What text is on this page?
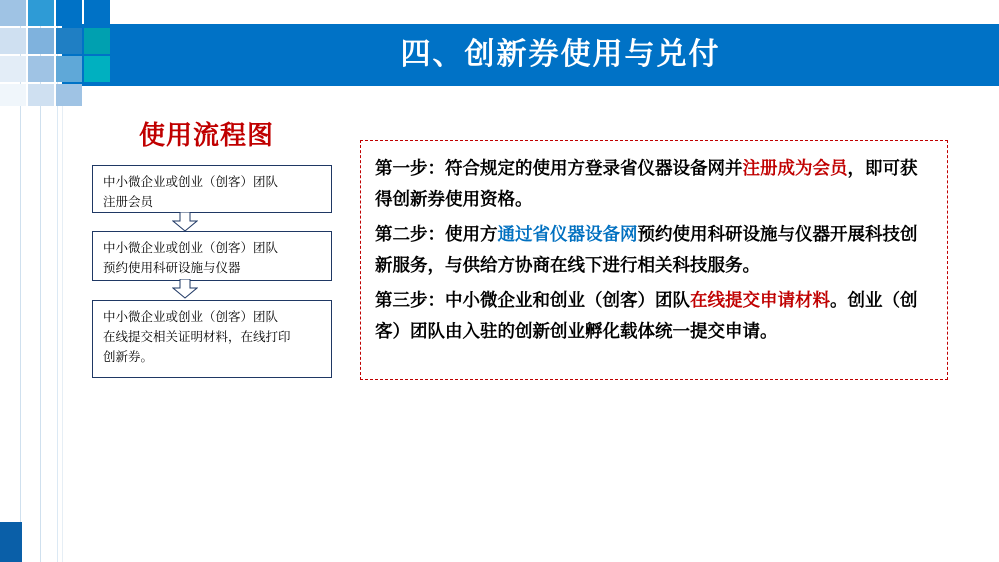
四、创新券使用与兑付
使用流程图
中小微企业或创业（创客）团队
注册会员
中小微企业或创业（创客）团队
预约使用科研设施与仪器
中小微企业或创业（创客）团队
在线提交相关证明材料，在线打印
创新券。
第一步：符合规定的使用方登录省仪器设备网并注册成为会员，即可获得创新券使用资格。
第二步：使用方通过省仪器设备网预约使用科研设施与仪器开展科技创新服务，与供给方协商在线下进行相关科技服务。
第三步：中小微企业和创业（创客）团队在线提交申请材料。创业（创客）团队由入驻的创新创业孵化载体统一提交申请。
